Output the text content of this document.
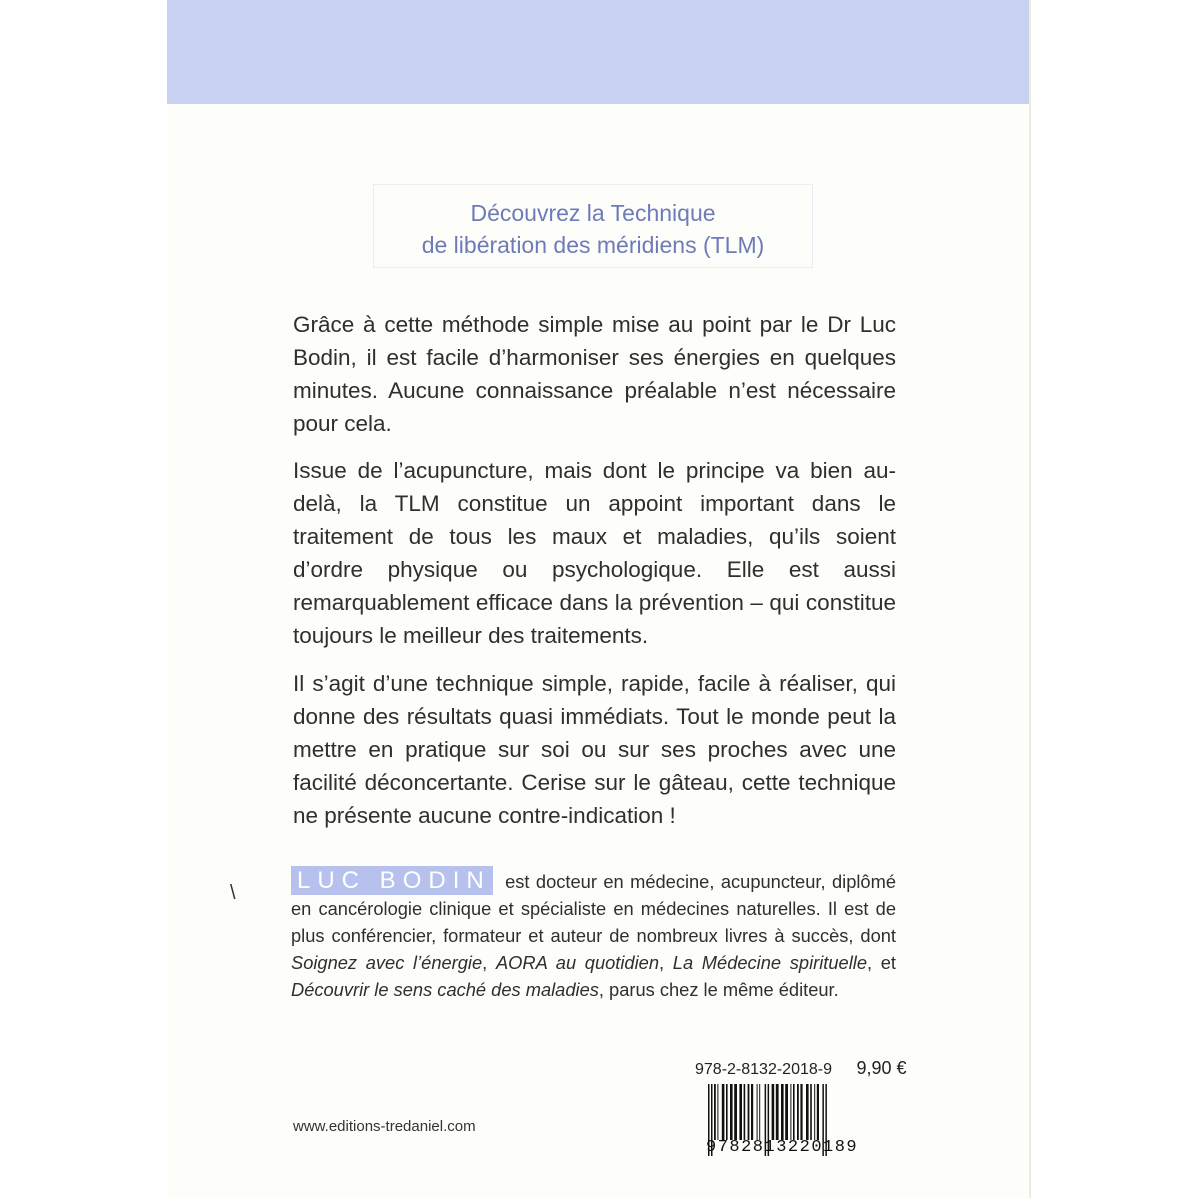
Découvrez la Technique
de libération des méridiens (TLM)

Grâce à cette méthode simple mise au point par le Dr Luc Bodin, il est facile d’harmoniser ses énergies en quelques minutes. Aucune connaissance préalable n’est nécessaire pour cela.

Issue de l’acupuncture, mais dont le principe va bien au-delà, la TLM constitue un appoint important dans le traitement de tous les maux et maladies, qu’ils soient d’ordre physique ou psychologique. Elle est aussi remarquablement efficace dans la prévention – qui constitue toujours le meilleur des traitements.

Il s’agit d’une technique simple, rapide, facile à réaliser, qui donne des résultats quasi immédiats. Tout le monde peut la mettre en pratique sur soi ou sur ses proches avec une facilité déconcertante. Cerise sur le gâteau, cette technique ne présente aucune contre-indication !

\	LUC BODIN est docteur en médecine, acupuncteur, diplômé en cancérologie clinique et spécialiste en médecines naturelles. Il est de plus conférencier, formateur et auteur de nombreux livres à succès, dont Soignez avec l’énergie, AORA au quotidien, La Médecine spirituelle, et Découvrir le sens caché des maladies, parus chez le même éditeur.

978-2-8132-2018-9 9,90 €
9782813220189
www.editions-tredaniel.com
